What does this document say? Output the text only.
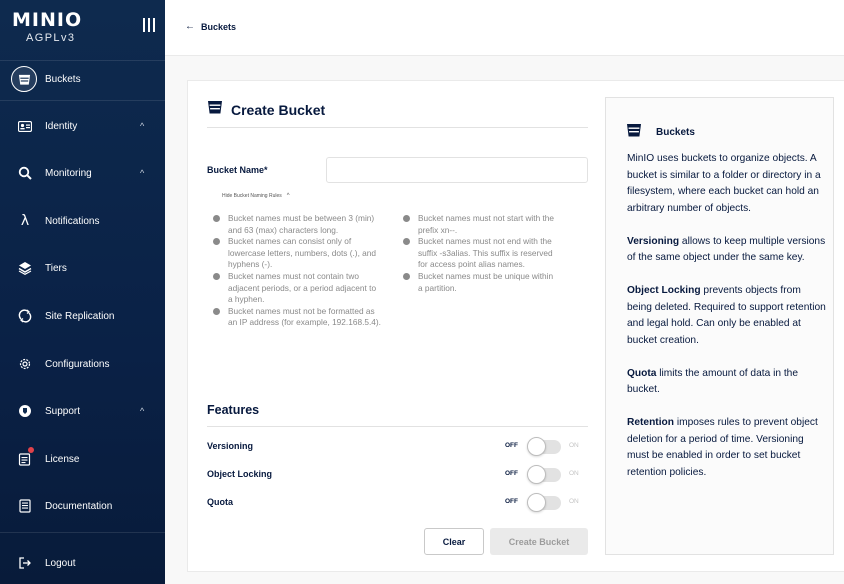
MINIO
AGPLv3
Buckets
Identity	^
Monitoring	^
λ	Notifications
Tiers
Site Replication
Configurations
Support	^
License
Documentation
Logout
← Buckets
Create Bucket
Bucket Name*
Hide Bucket Naming Rules ^
Bucket names must be between 3 (min) and 63 (max) characters long.
Bucket names can consist only of lowercase letters, numbers, dots (.), and hyphens (-).
Bucket names must not contain two adjacent periods, or a period adjacent to a hyphen.
Bucket names must not be formatted as an IP address (for example, 192.168.5.4).
Bucket names must not start with the prefix xn--.
Bucket names must not end with the suffix -s3alias. This suffix is reserved for access point alias names.
Bucket names must be unique within a partition.
Features
Versioning	OFF	ON
Object Locking	OFF	ON
Quota	OFF	ON
Clear	Create Bucket
Buckets

MinIO uses buckets to organize objects. A bucket is similar to a folder or directory in a filesystem, where each bucket can hold an arbitrary number of objects.

Versioning allows to keep multiple versions of the same object under the same key.

Object Locking prevents objects from being deleted. Required to support retention and legal hold. Can only be enabled at bucket creation.

Quota limits the amount of data in the bucket.

Retention imposes rules to prevent object deletion for a period of time. Versioning must be enabled in order to set bucket retention policies.
